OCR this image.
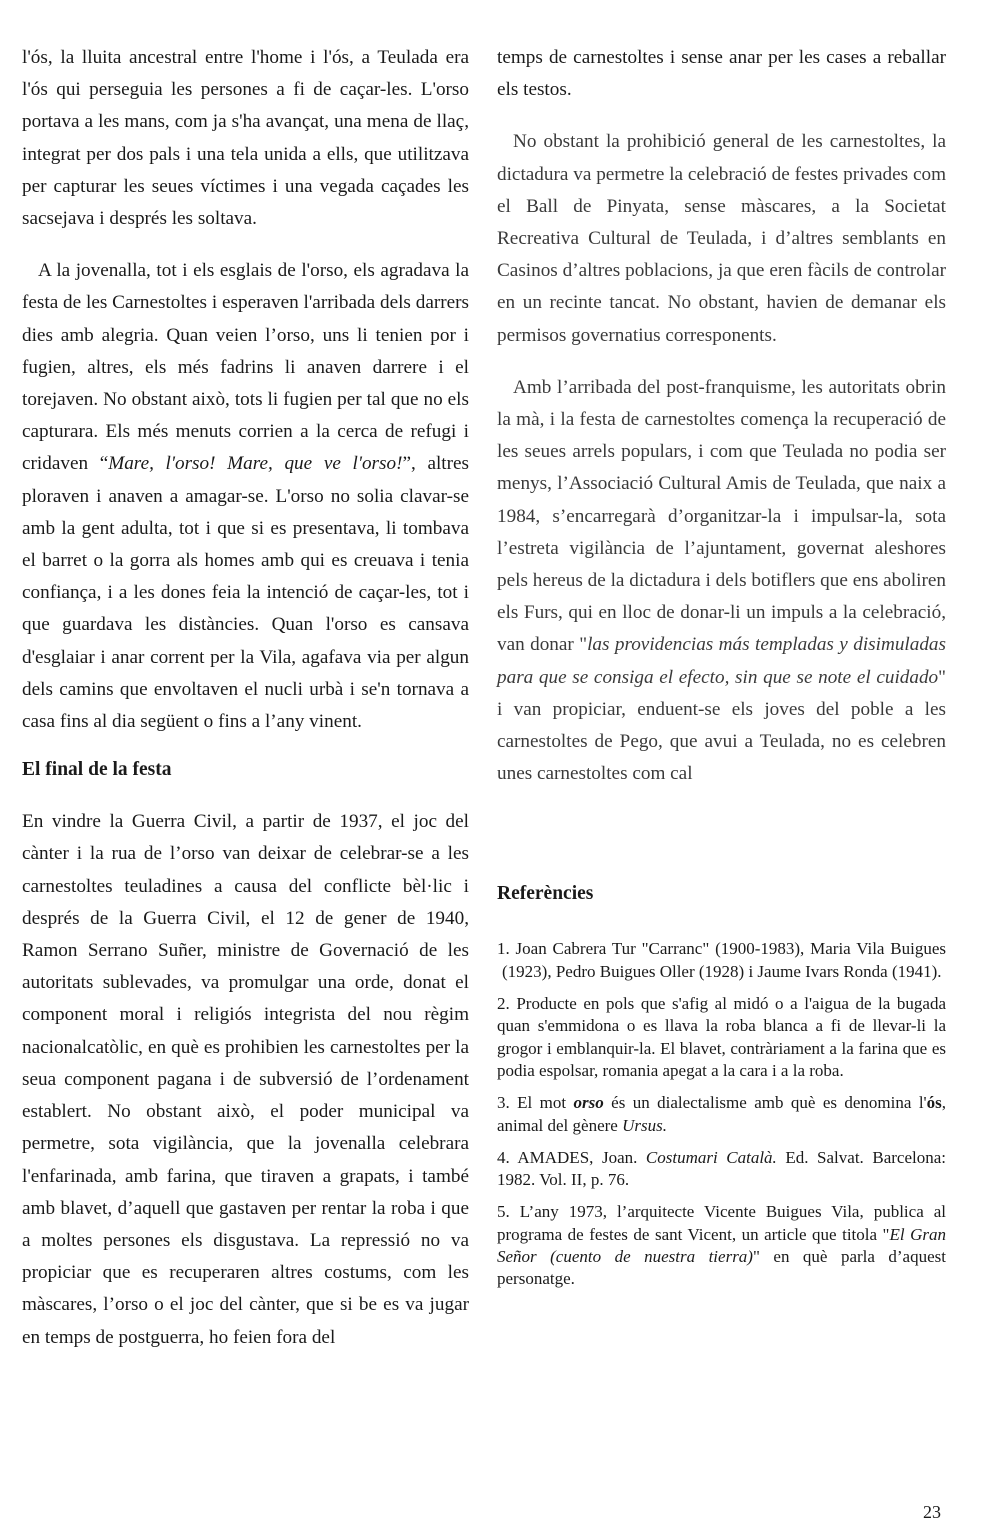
l'ós, la lluita ancestral entre l'home i l'ós, a Teulada era l'ós qui perseguia les persones a fi de caçar-les. L'orso portava a les mans, com ja s'ha avançat, una mena de llaç, integrat per dos pals i una tela unida a ells, que utilitzava per capturar les seues víctimes i una vegada caçades les sacsejava i després les soltava.

A la jovenalla, tot i els esglais de l'orso, els agradava la festa de les Carnestoltes i esperaven l'arribada dels darrers dies amb alegria. Quan veien l’orso, uns li tenien por i fugien, altres, els més fadrins li anaven darrere i el torejaven. No obstant això, tots li fugien per tal que no els capturara. Els més menuts corrien a la cerca de refugi i cridaven “Mare, l'orso! Mare, que ve l'orso!”, altres ploraven i anaven a amagar-se. L'orso no solia clavar-se amb la gent adulta, tot i que si es presentava, li tombava el barret o la gorra als homes amb qui es creuava i tenia confiança, i a les dones feia la intenció de caçar-les, tot i que guardava les distàncies. Quan l'orso es cansava d'esglaiar i anar corrent per la Vila, agafava via per algun dels camins que envoltaven el nucli urbà i se'n tornava a casa fins al dia següent o fins a l’any vinent.

El final de la festa

En vindre la Guerra Civil, a partir de 1937, el joc del cànter i la rua de l’orso van deixar de celebrar-se a les carnestoltes teuladines a causa del conflicte bèl·lic i després de la Guerra Civil, el 12 de gener de 1940, Ramon Serrano Suñer, ministre de Governació de les autoritats sublevades, va promulgar una orde, donat el component moral i religiós integrista del nou règim nacionalcatòlic, en què es prohibien les carnestoltes per la seua component pagana i de subversió de l’ordenament establert. No obstant això, el poder municipal va permetre, sota vigilància, que la jovenalla celebrara l'enfarinada, amb farina, que tiraven a grapats, i també amb blavet, d’aquell que gastaven per rentar la roba i que a moltes persones els disgustava. La repressió no va propiciar que es recuperaren altres costums, com les màscares, l’orso o el joc del cànter, que si be es va jugar en temps de postguerra, ho feien fora del

temps de carnestoltes i sense anar per les cases a reballar els testos.

No obstant la prohibició general de les carnestoltes, la dictadura va permetre la celebració de festes privades com el Ball de Pinyata, sense màscares, a la Societat Recreativa Cultural de Teulada, i d’altres semblants en Casinos d’altres poblacions, ja que eren fàcils de controlar en un recinte tancat. No obstant, havien de demanar els permisos governatius corresponents.

Amb l’arribada del post-franquisme, les autoritats obrin la mà, i la festa de carnestoltes comença la recuperació de les seues arrels populars, i com que Teulada no podia ser menys, l’Associació Cultural Amis de Teulada, que naix a 1984, s’encarregarà d’organitzar-la i impulsar-la, sota l’estreta vigilància de l’ajuntament, governat aleshores pels hereus de la dictadura i dels botiflers que ens aboliren els Furs, qui en lloc de donar-li un impuls a la celebració, van donar "las providencias más templadas y disimuladas para que se consiga el efecto, sin que se note el cuidado" i van propiciar, enduent-se els joves del poble a les carnestoltes de Pego, que avui a Teulada, no es celebren unes carnestoltes com cal

Referències
1. Joan Cabrera Tur "Carranc" (1900-1983), Maria Vila Buigues (1923), Pedro Buigues Oller (1928) i Jaume Ivars Ronda (1941).
2. Producte en pols que s'afig al midó o a l'aigua de la bugada quan s'emmidona o es llava la roba blanca a fi de llevar-li la grogor i emblanquir-la. El blavet, contràriament a la farina que es podia espolsar, romania apegat a la cara i a la roba.
3. El mot orso és un dialectalisme amb què es denomina l'ós, animal del gènere Ursus.
4. AMADES, Joan. Costumari Català. Ed. Salvat. Barcelona: 1982. Vol. II, p. 76.
5. L’any 1973, l’arquitecte Vicente Buigues Vila, publica al programa de festes de sant Vicent, un article que titola "El Gran Señor (cuento de nuestra tierra)" en què parla d’aquest personatge.
23
